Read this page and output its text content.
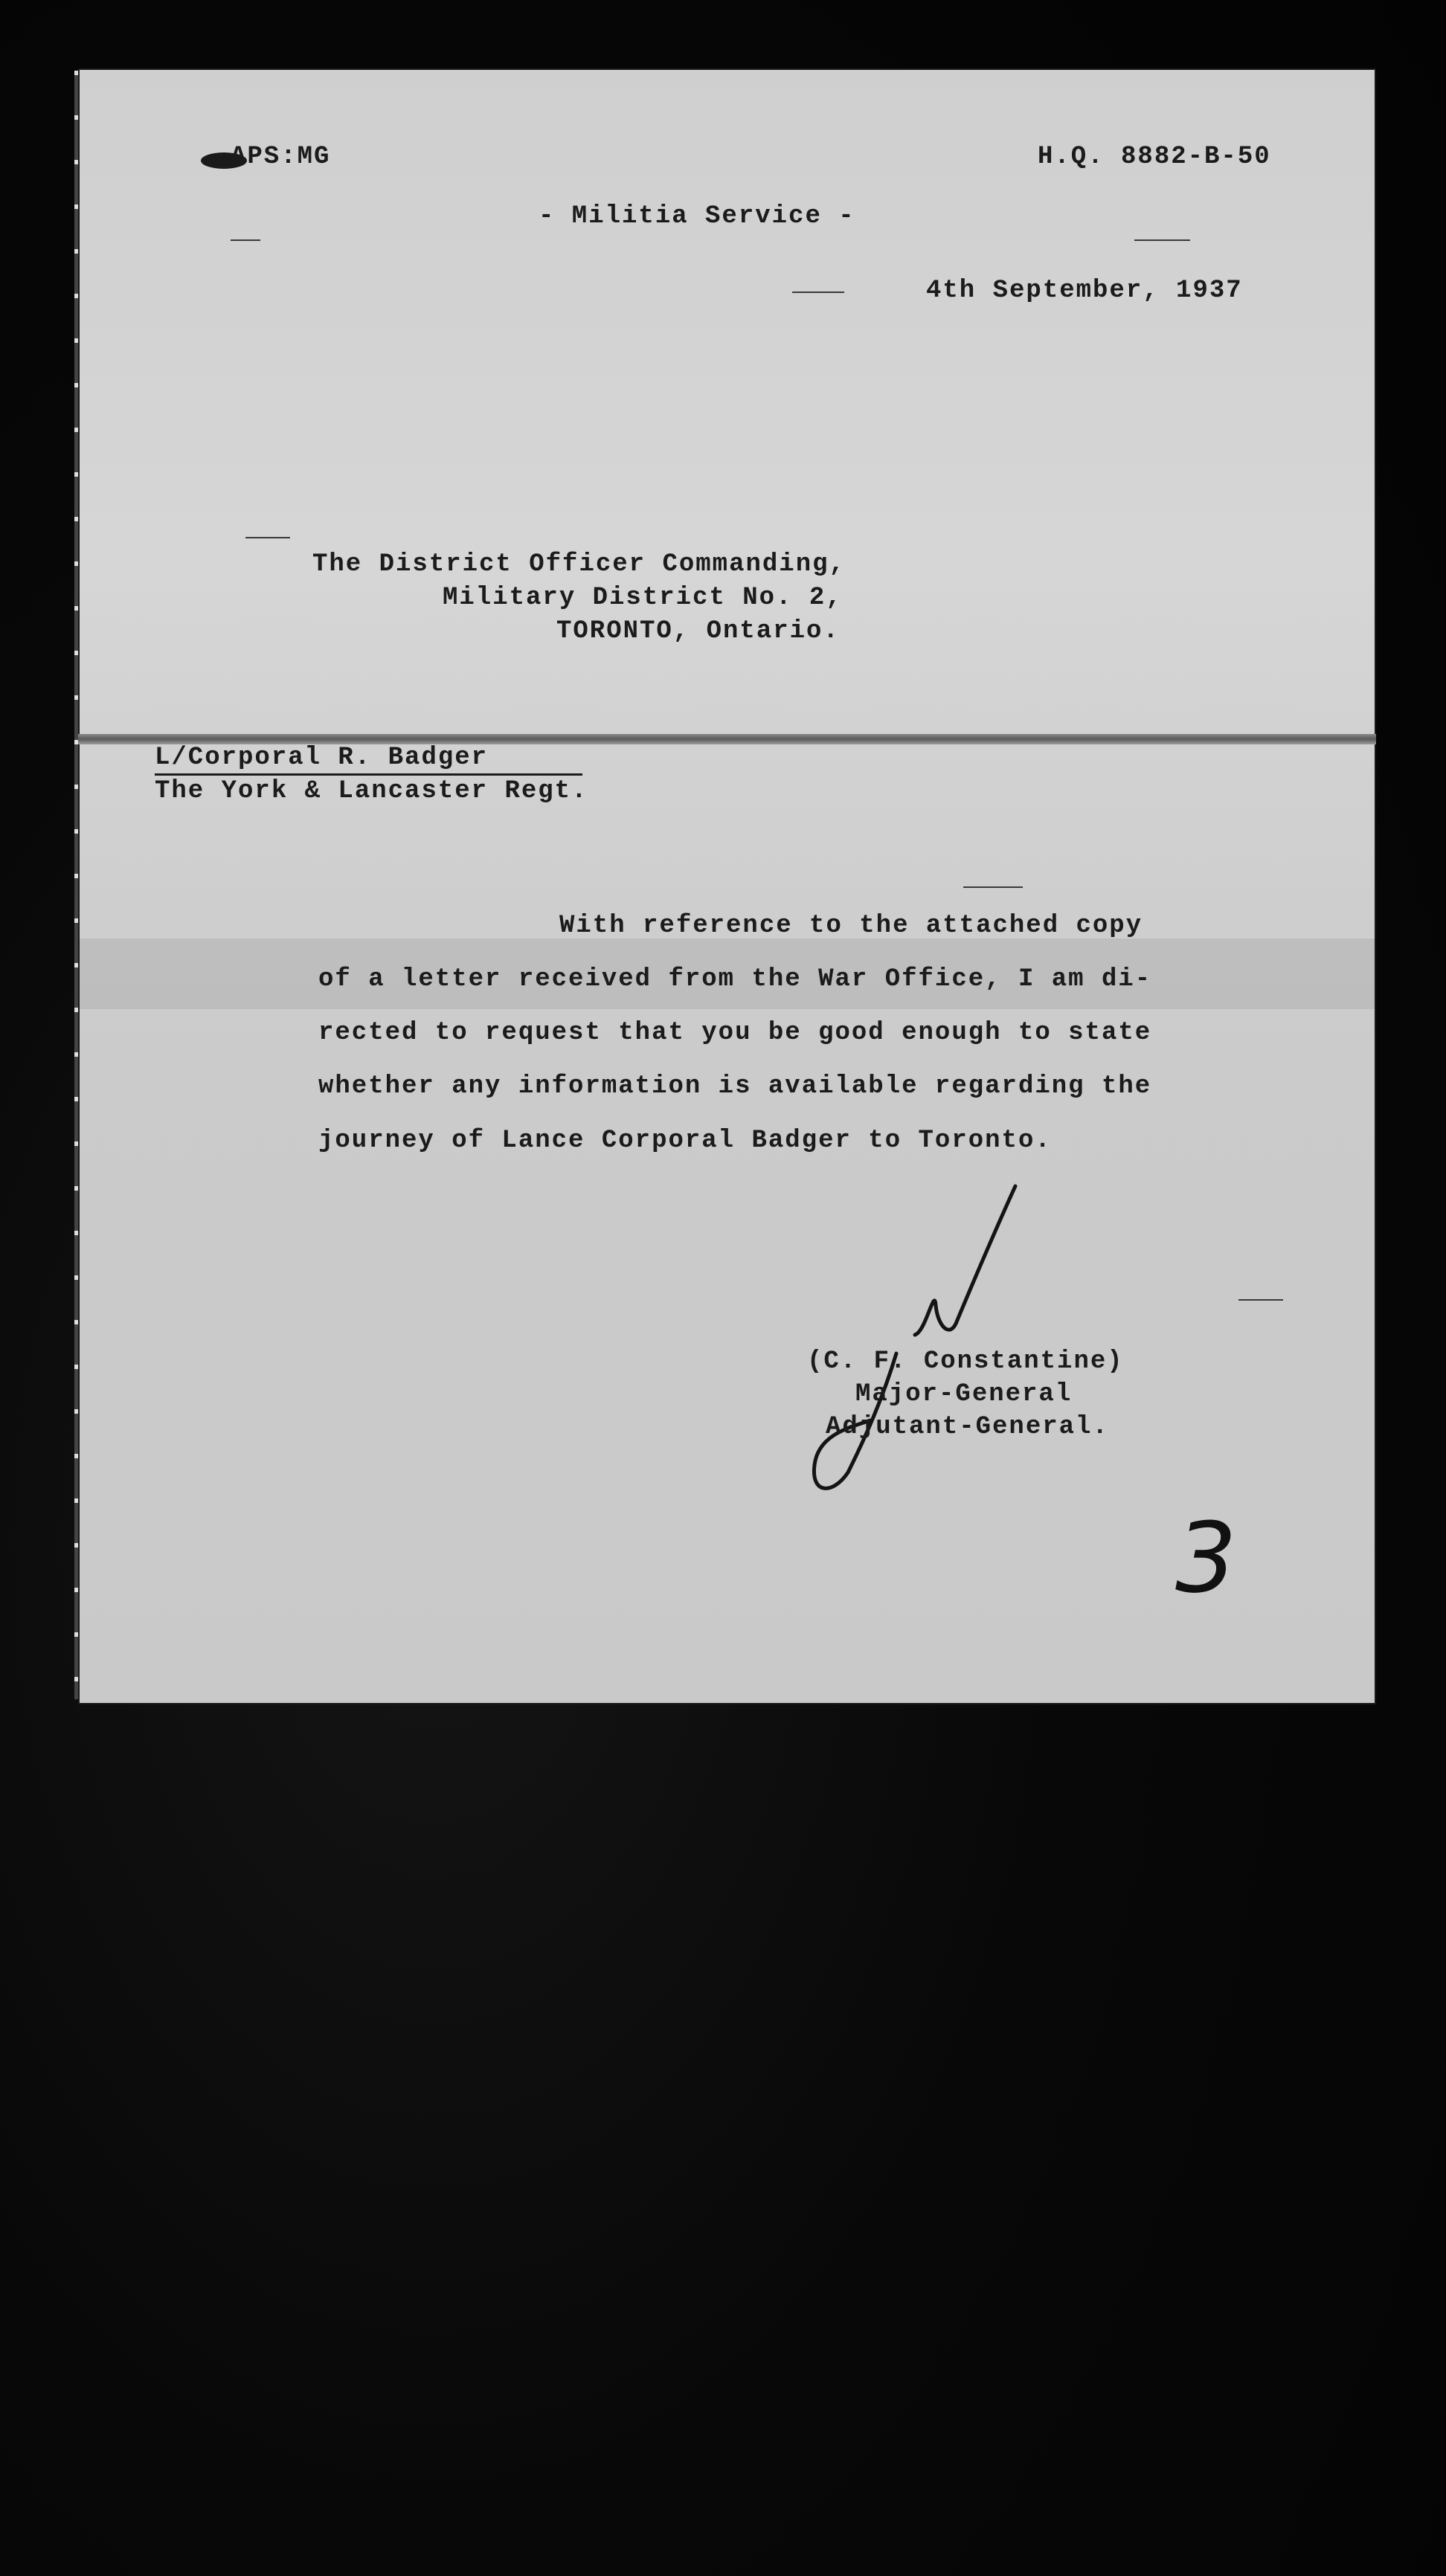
APS:MG	H.Q. 8882-B-50
- Militia Service -
4th September, 1937
The District Officer Commanding,
Military District No. 2,
TORONTO, Ontario.
L/Corporal R. Badger
The York & Lancaster Regt.
With reference to the attached copy
of a letter received from the War Office, I am di-
rected to request that you be good enough to state
whether any information is available regarding the
journey of Lance Corporal Badger to Toronto.
(C. F. Constantine)
Major-General
Adjutant-General.
3
